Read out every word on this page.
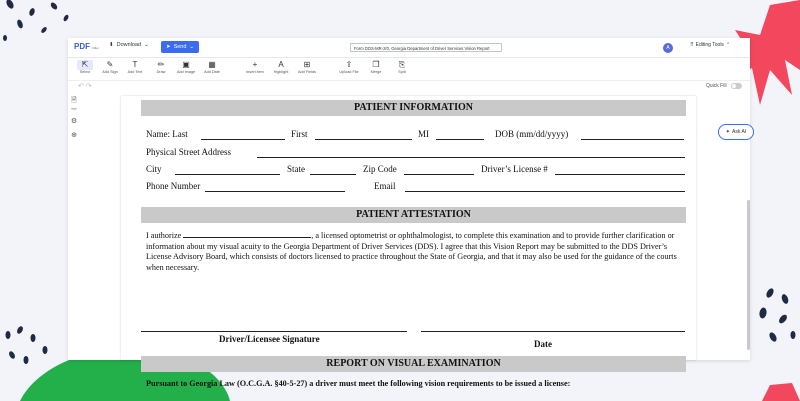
PDF Filler ⬇ Download ⌄	➤ Send ⌄	Form DDS-MR-2/0, Georgia Department of Driver Services Vision Report	A	⠿ Editing Tools ⌃
⇱
Select
✎
Add Sign
T
Add Text
✏
Draw
▣
Add Image
▦
Add Date
+
Insert item
A
Highlight
⊞
Add Fields
⇪
Upload File
❐
Merge
⎘
Split
↶ ↷	Quick Fill
🗎
TXT
⚙
⊕
PATIENT INFORMATION
Name: Last	First	MI	DOB (mm/dd/yyyy)
Physical Street Address
City	State	Zip Code	Driver’s License #
Phone Number	Email
PATIENT ATTESTATION
I authorize	, a licensed optometrist or ophthalmologist, to complete this examination and to provide further clarification or information about my visual acuity to the Georgia Department of Driver Services (DDS). I agree that this Vision Report may be submitted to the DDS Driver’s License Advisory Board, which consists of doctors licensed to practice throughout the State of Georgia, and that it may also be used for the guidance of the courts when necessary.
Driver/Licensee Signature	Date
REPORT ON VISUAL EXAMINATION
Pursuant to Georgia Law (O.C.G.A. §40-5-27) a driver must meet the following vision requirements to be issued a license:
✦ Ask AI
